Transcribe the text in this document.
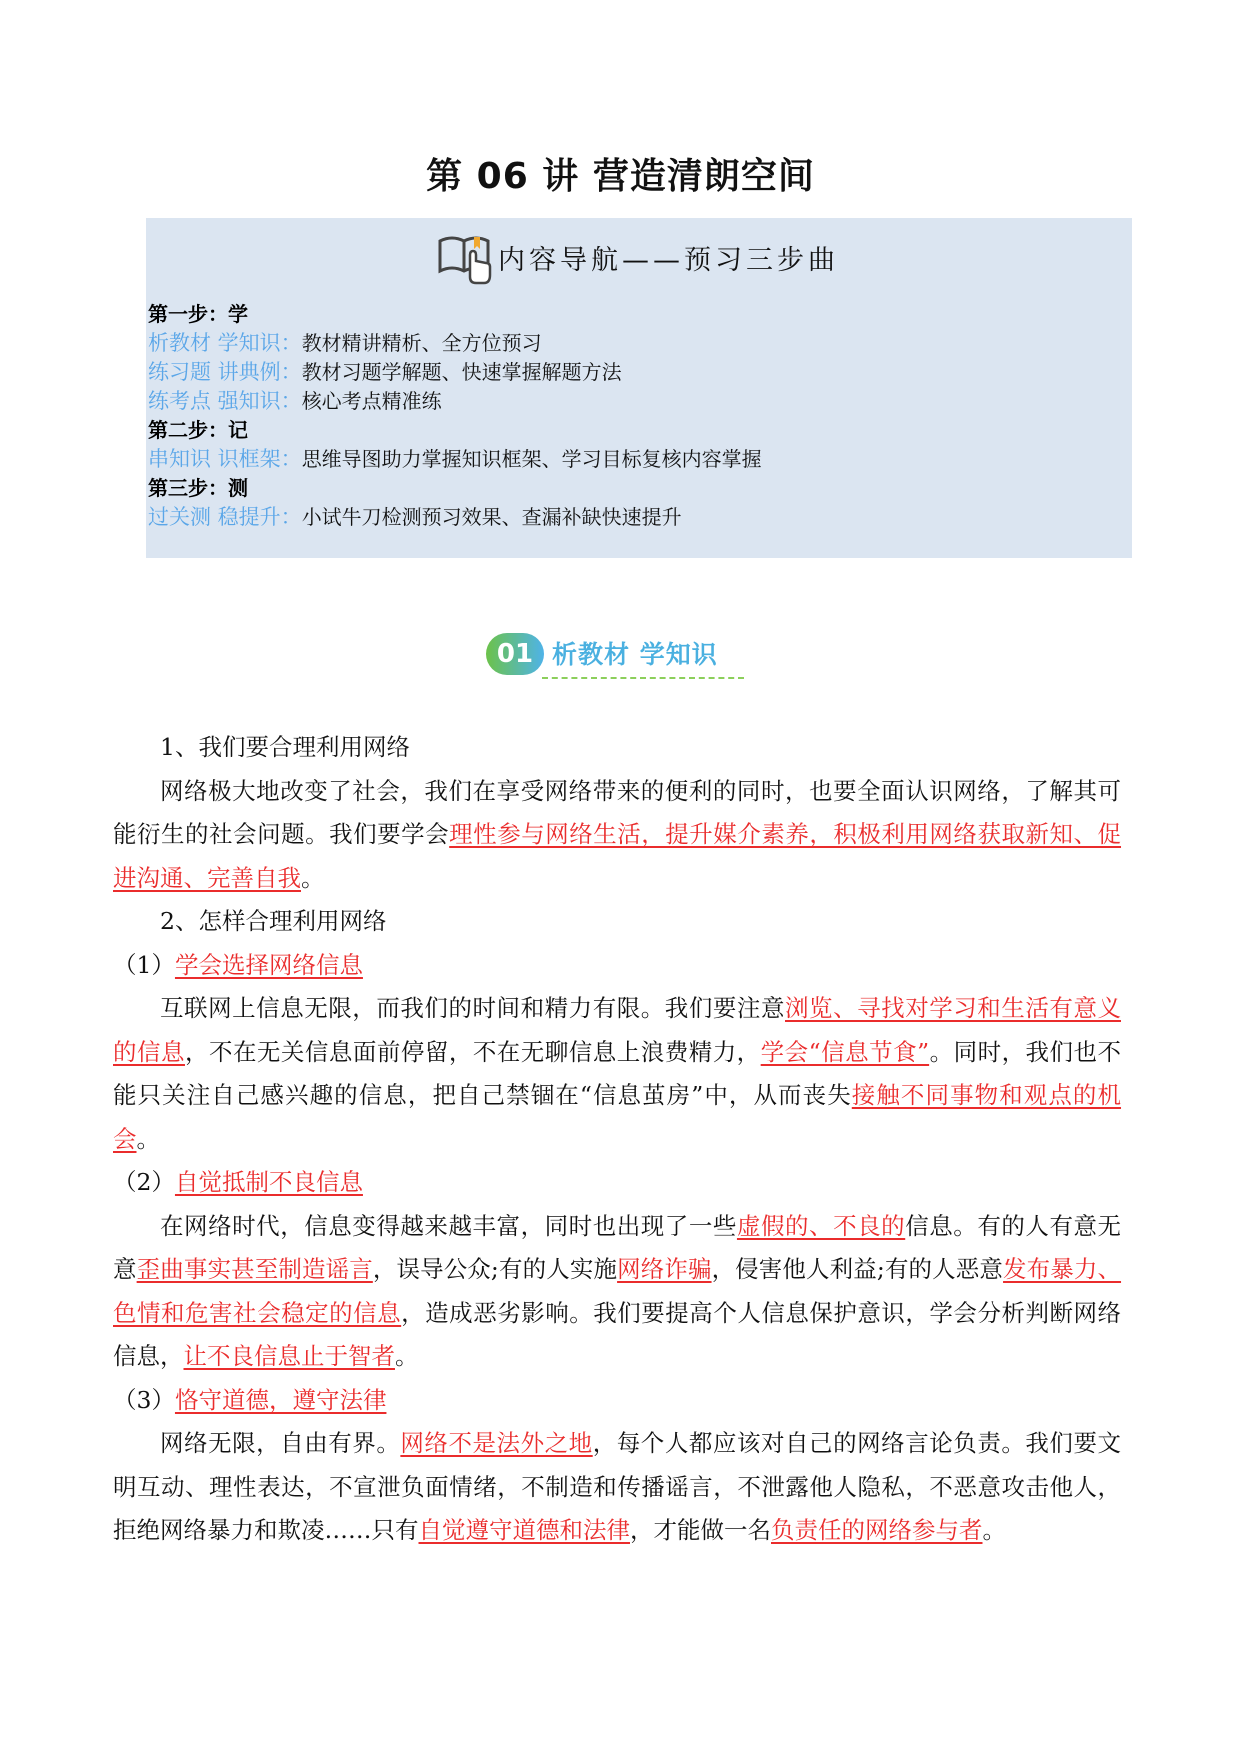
第 06 讲 营造清朗空间
内容导航——预习三步曲
第一步：学
析教材 学知识： 教材精讲精析、全方位预习
练习题 讲典例： 教材习题学解题、快速掌握解题方法
练考点 强知识： 核心考点精准练
第二步：记
串知识 识框架： 思维导图助力掌握知识框架、学习目标复核内容掌握
第三步：测
过关测 稳提升： 小试牛刀检测预习效果、查漏补缺快速提升
01 析教材 学知识

1、我们要合理利用网络

网络极大地改变了社会，我们在享受网络带来的便利的同时，也要全面认识网络，了解其可能衍生的社会问题。我们要学会理性参与网络生活，提升媒介素养，积极利用网络获取新知、促进沟通、完善自我。

2、怎样合理利用网络

（1）学会选择网络信息

互联网上信息无限，而我们的时间和精力有限。我们要注意浏览、寻找对学习和生活有意义的信息，不在无关信息面前停留，不在无聊信息上浪费精力，学会“信息节食”。同时，我们也不能只关注自己感兴趣的信息，把自己禁锢在“信息茧房”中，从而丧失接触不同事物和观点的机会。

（2）自觉抵制不良信息

在网络时代，信息变得越来越丰富，同时也出现了一些虚假的、不良的信息。有的人有意无意歪曲事实甚至制造谣言，误导公众;有的人实施网络诈骗，侵害他人利益;有的人恶意发布暴力、色情和危害社会稳定的信息，造成恶劣影响。我们要提高个人信息保护意识，学会分析判断网络信息，让不良信息止于智者。

（3）恪守道德，遵守法律

网络无限，自由有界。网络不是法外之地，每个人都应该对自己的网络言论负责。我们要文明互动、理性表达，不宣泄负面情绪，不制造和传播谣言，不泄露他人隐私，不恶意攻击他人，拒绝网络暴力和欺凌……只有自觉遵守道德和法律，才能做一名负责任的网络参与者。
